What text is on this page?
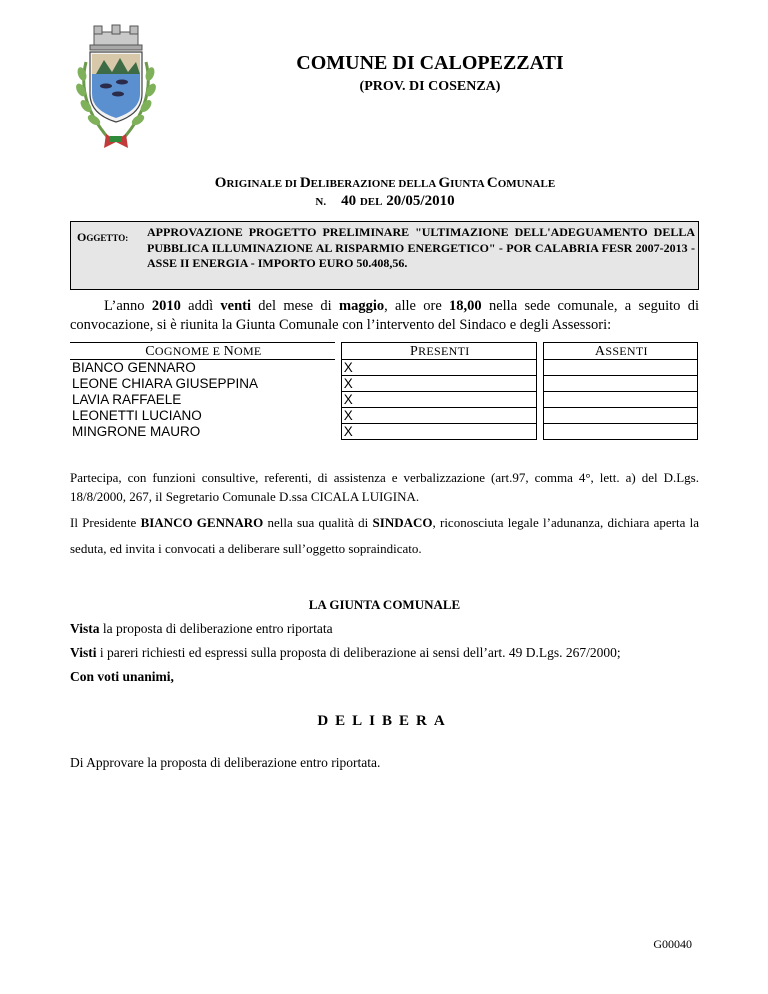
COMUNE DI CALOPEZZATI
(PROV. DI COSENZA)
ORIGINALE DI DELIBERAZIONE DELLA GIUNTA COMUNALE
N. 40 DEL 20/05/2010
OGGETTO: APPROVAZIONE PROGETTO PRELIMINARE "ULTIMAZIONE DELL'ADEGUAMENTO DELLA PUBBLICA ILLUMINAZIONE AL RISPARMIO ENERGETICO" - POR CALABRIA FESR 2007-2013 - ASSE II ENERGIA - IMPORTO EURO 50.408,56.
L’anno 2010 addì venti del mese di maggio, alle ore 18,00 nella sede comunale, a seguito di convocazione, si è riunita la Giunta Comunale con l’intervento del Sindaco e degli Assessori:
COGNOME E NOME		PRESENTI		ASSENTI
BIANCO GENNARO		X		
LEONE CHIARA GIUSEPPINA		X		
LAVIA RAFFAELE		X		
LEONETTI LUCIANO		X		
MINGRONE MAURO		X		
Partecipa, con funzioni consultive, referenti, di assistenza e verbalizzazione (art.97, comma 4°, lett. a) del D.Lgs. 18/8/2000, 267, il Segretario Comunale D.ssa CICALA LUIGINA.
Il Presidente BIANCO GENNARO nella sua qualità di SINDACO, riconosciuta legale l’adunanza, dichiara aperta la seduta, ed invita i convocati a deliberare sull’oggetto sopraindicato.
LA GIUNTA COMUNALE
Vista la proposta di deliberazione entro riportata
Visti i pareri richiesti ed espressi sulla proposta di deliberazione ai sensi dell’art. 49 D.Lgs. 267/2000;
Con voti unanimi,
DELIBERA
Di Approvare la proposta di deliberazione entro riportata.
G00040
